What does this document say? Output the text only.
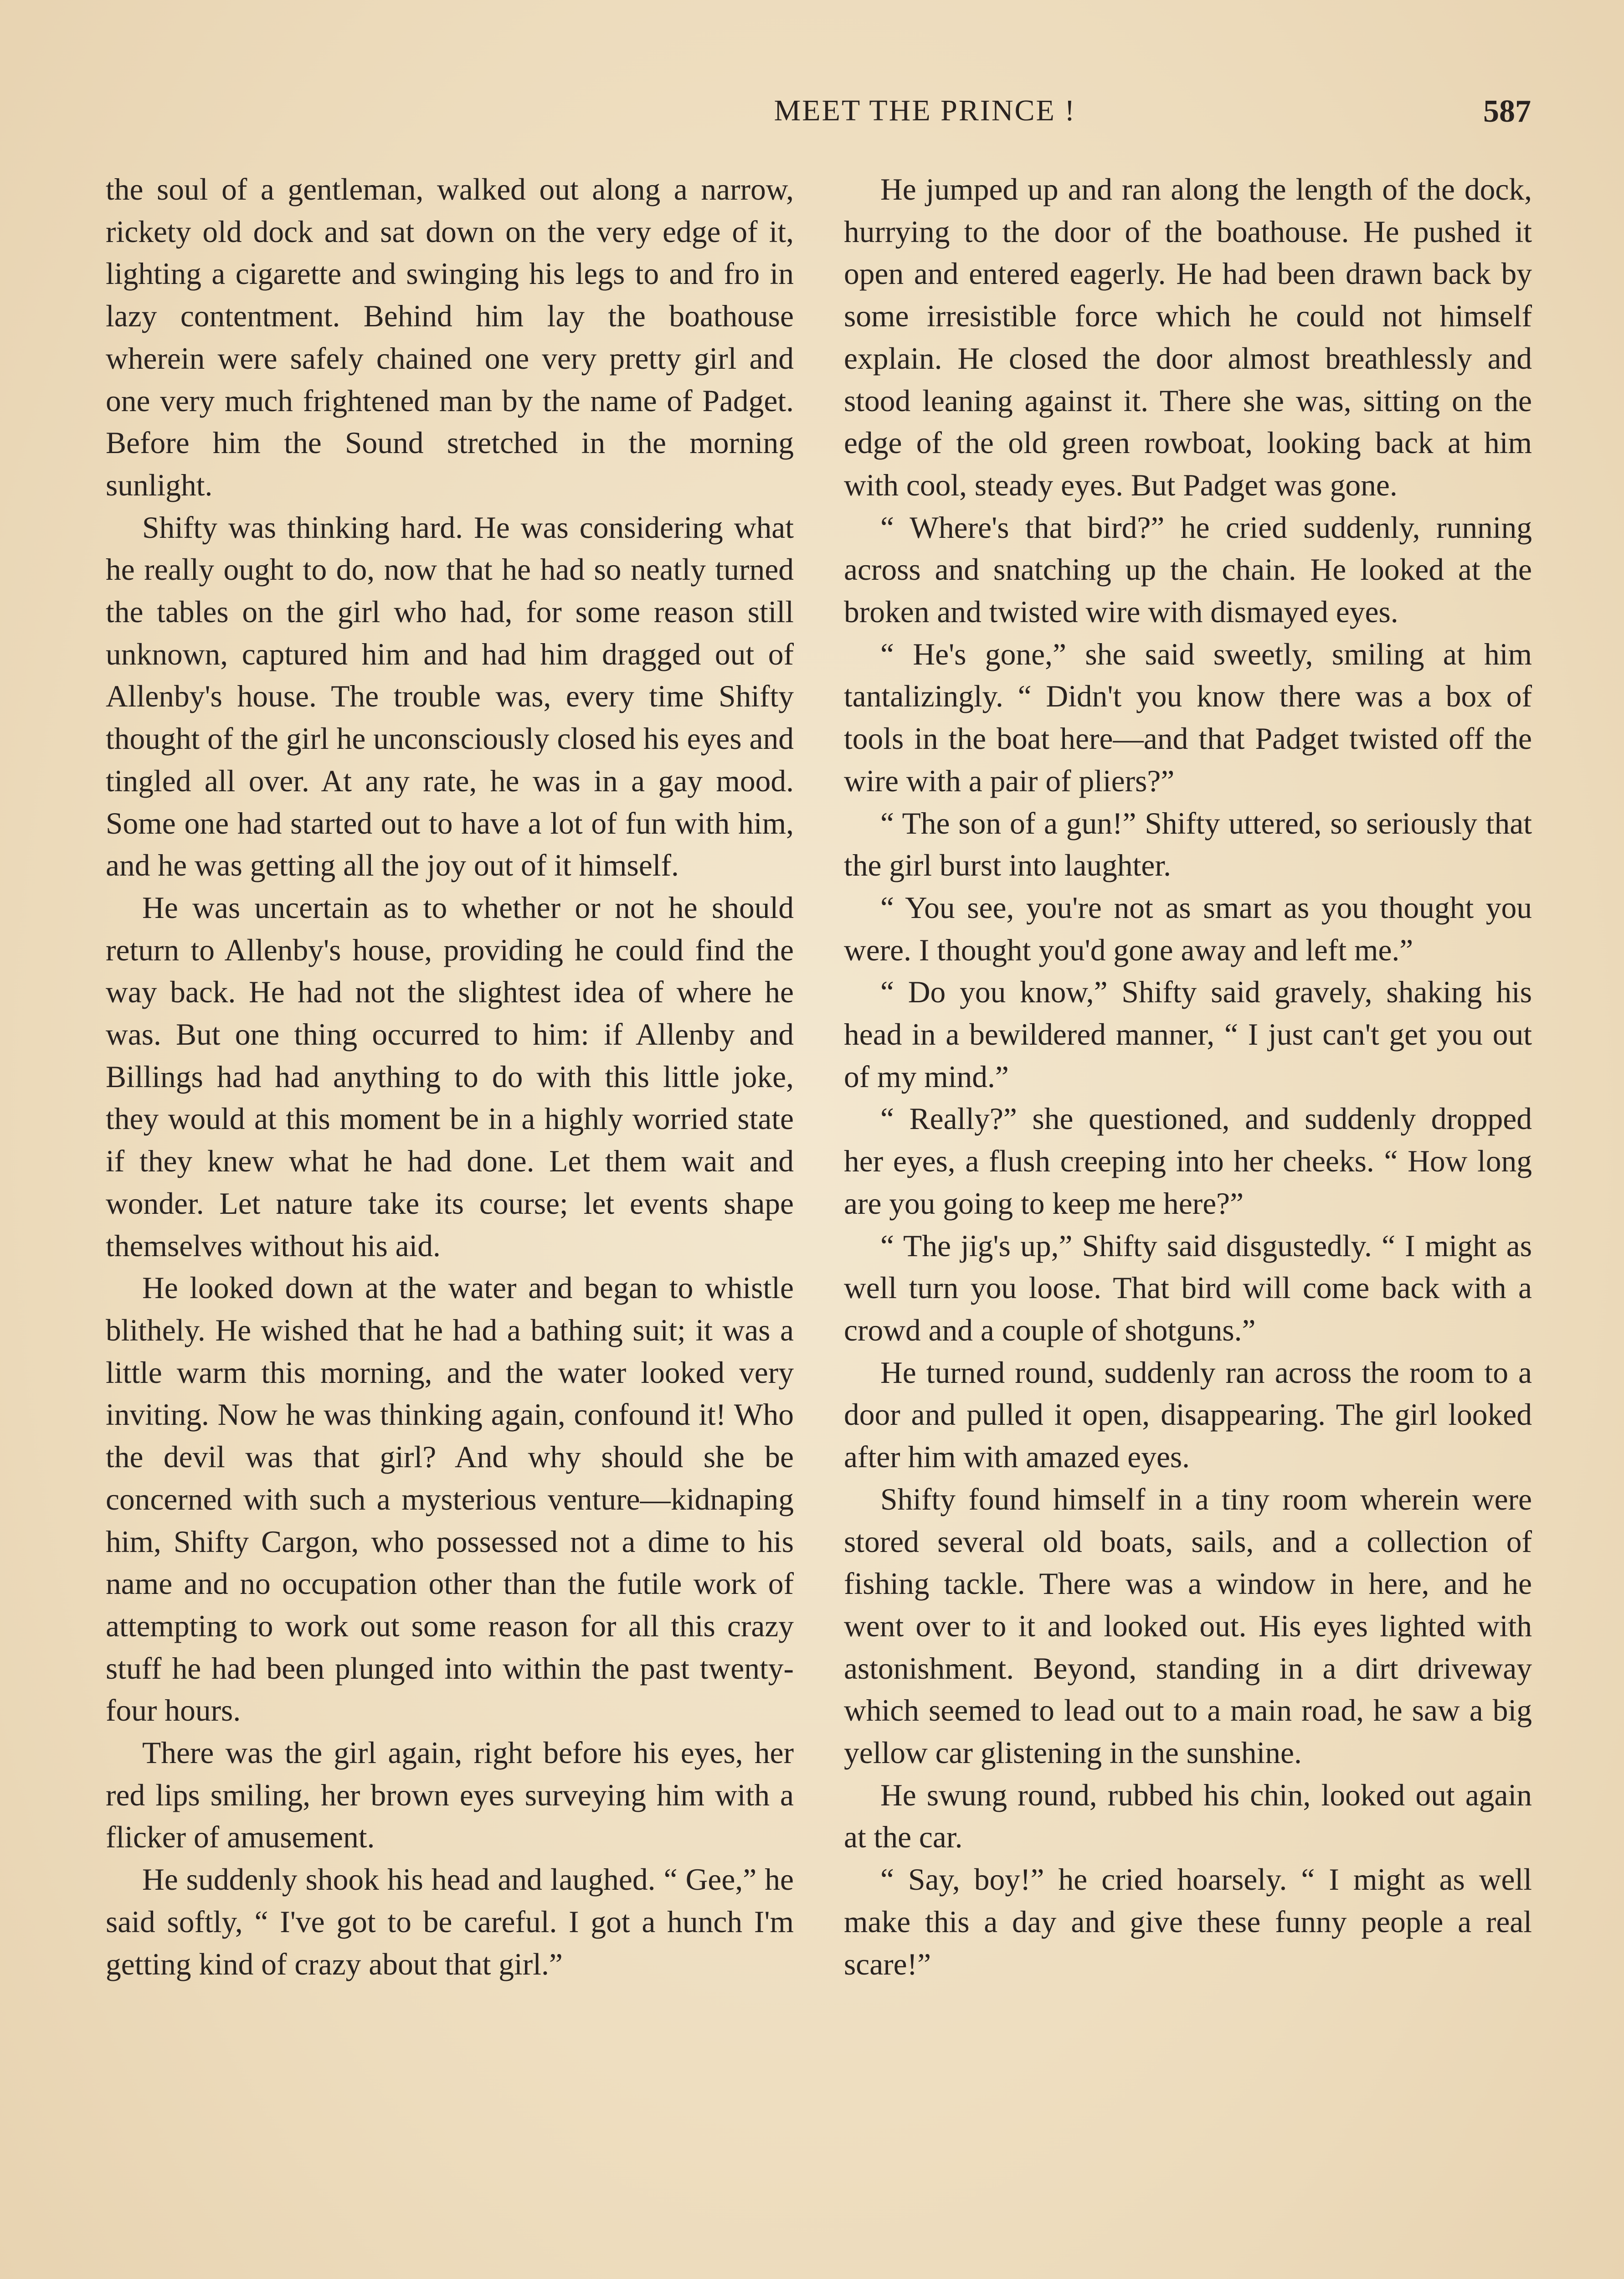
MEET THE PRINCE !	587

the soul of a gentleman, walked out along a narrow, rickety old dock and sat down on the very edge of it, lighting a cigarette and swinging his legs to and fro in lazy contentment. Behind him lay the boathouse wherein were safely chained one very pretty girl and one very much frightened man by the name of Padget. Before him the Sound stretched in the morning sunlight.

Shifty was thinking hard. He was considering what he really ought to do, now that he had so neatly turned the tables on the girl who had, for some reason still unknown, captured him and had him dragged out of Allenby's house. The trouble was, every time Shifty thought of the girl he unconsciously closed his eyes and tingled all over. At any rate, he was in a gay mood. Some one had started out to have a lot of fun with him, and he was getting all the joy out of it himself.

He was uncertain as to whether or not he should return to Allenby's house, providing he could find the way back. He had not the slightest idea of where he was. But one thing occurred to him: if Allenby and Billings had had anything to do with this little joke, they would at this moment be in a highly worried state if they knew what he had done. Let them wait and wonder. Let nature take its course; let events shape themselves without his aid.

He looked down at the water and began to whistle blithely. He wished that he had a bathing suit; it was a little warm this morning, and the water looked very inviting. Now he was thinking again, confound it! Who the devil was that girl? And why should she be concerned with such a mysterious venture—kidnaping him, Shifty Cargon, who possessed not a dime to his name and no occupation other than the futile work of attempting to work out some reason for all this crazy stuff he had been plunged into within the past twenty-four hours.

There was the girl again, right before his eyes, her red lips smiling, her brown eyes surveying him with a flicker of amusement.

He suddenly shook his head and laughed. “ Gee,” he said softly, “ I've got to be careful. I got a hunch I'm getting kind of crazy about that girl.”

He jumped up and ran along the length of the dock, hurrying to the door of the boathouse. He pushed it open and entered eagerly. He had been drawn back by some irresistible force which he could not himself explain. He closed the door almost breathlessly and stood leaning against it. There she was, sitting on the edge of the old green rowboat, looking back at him with cool, steady eyes. But Padget was gone.

“ Where's that bird?” he cried suddenly, running across and snatching up the chain. He looked at the broken and twisted wire with dismayed eyes.

“ He's gone,” she said sweetly, smiling at him tantalizingly. “ Didn't you know there was a box of tools in the boat here—and that Padget twisted off the wire with a pair of pliers?”

“ The son of a gun!” Shifty uttered, so seriously that the girl burst into laughter.

“ You see, you're not as smart as you thought you were. I thought you'd gone away and left me.”

“ Do you know,” Shifty said gravely, shaking his head in a bewildered manner, “ I just can't get you out of my mind.”

“ Really?” she questioned, and suddenly dropped her eyes, a flush creeping into her cheeks. “ How long are you going to keep me here?”

“ The jig's up,” Shifty said disgustedly. “ I might as well turn you loose. That bird will come back with a crowd and a couple of shotguns.”

He turned round, suddenly ran across the room to a door and pulled it open, disappearing. The girl looked after him with amazed eyes.

Shifty found himself in a tiny room wherein were stored several old boats, sails, and a collection of fishing tackle. There was a window in here, and he went over to it and looked out. His eyes lighted with astonishment. Beyond, standing in a dirt driveway which seemed to lead out to a main road, he saw a big yellow car glistening in the sunshine.

He swung round, rubbed his chin, looked out again at the car.

“ Say, boy!” he cried hoarsely. “ I might as well make this a day and give these funny people a real scare!”
